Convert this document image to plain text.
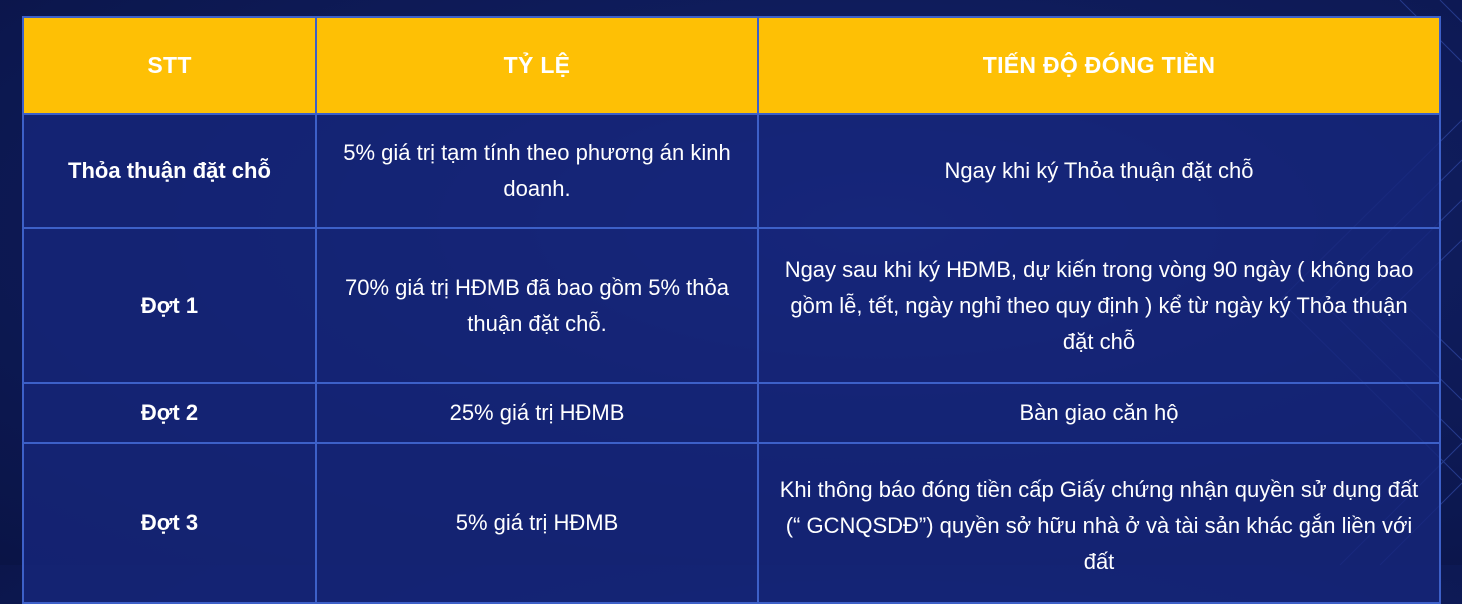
STT	TỶ LỆ	TIẾN ĐỘ ĐÓNG TIỀN
Thỏa thuận đặt chỗ	5% giá trị tạm tính theo phương án kinh doanh.	Ngay khi ký Thỏa thuận đặt chỗ
Đợt 1	70% giá trị HĐMB đã bao gồm 5% thỏa thuận đặt chỗ.	Ngay sau khi ký HĐMB, dự kiến trong vòng 90 ngày ( không bao gồm lễ, tết, ngày nghỉ theo quy định ) kể từ ngày ký Thỏa thuận đặt chỗ
Đợt 2	25% giá trị HĐMB	Bàn giao căn hộ
Đợt 3	5% giá trị HĐMB	Khi thông báo đóng tiền cấp Giấy chứng nhận quyền sử dụng đất (“ GCNQSDĐ”) quyền sở hữu nhà ở và tài sản khác gắn liền với đất
